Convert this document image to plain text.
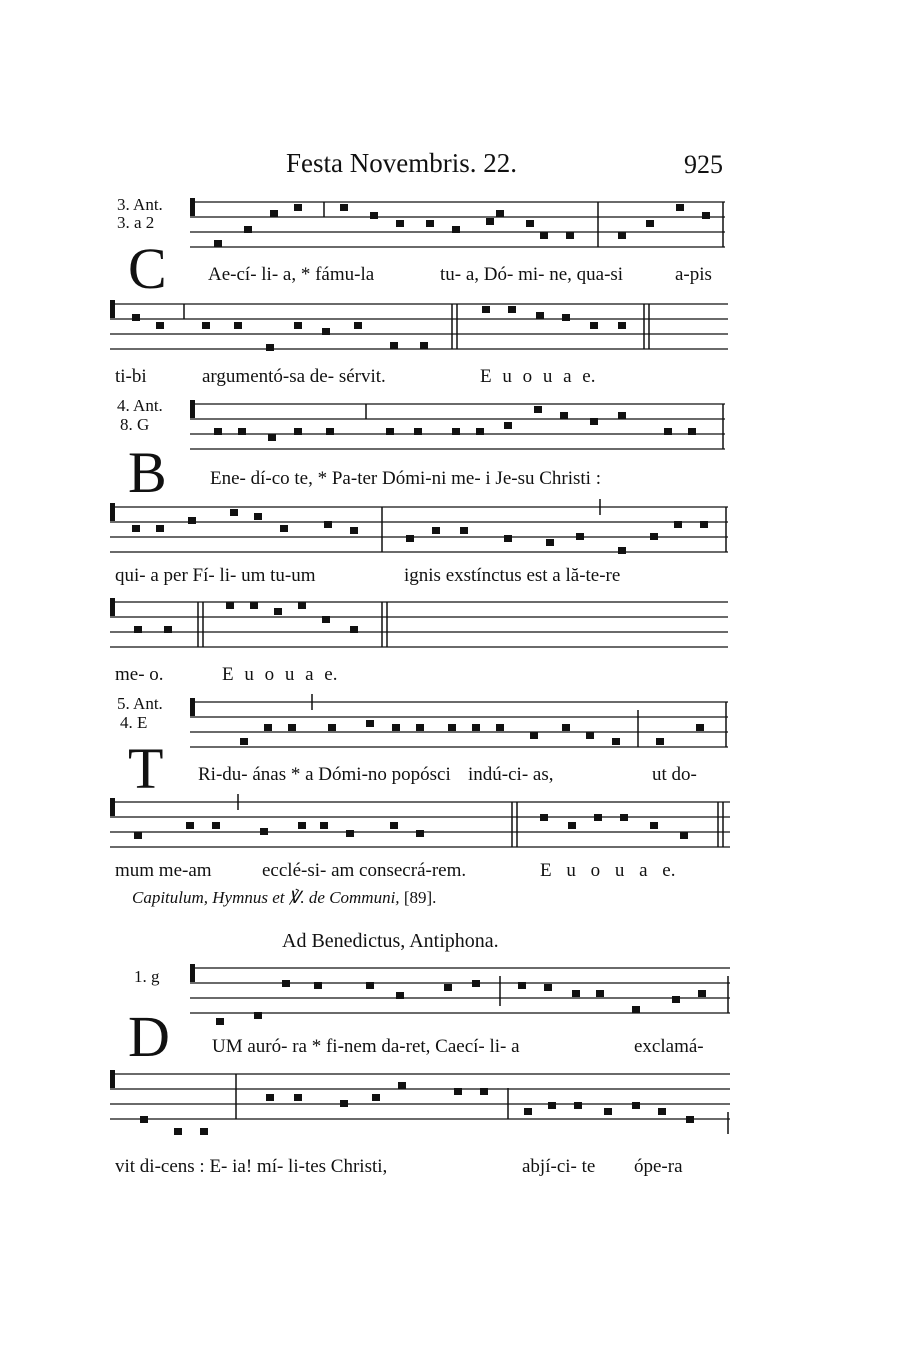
Festa Novembris. 22.	925
3. Ant.
3. a 2
C Ae-cí- li- a, * fámu-la	tu- a, Dó- mi- ne, qua-si	a-pis
ti-bi	argumentó-sa de- sérvit.	E u o u a e.
4. Ant.
8. G
B Ene- dí-co te, * Pa-ter Dómi-ni me- i Je-su Christi :
qui- a per Fí- li- um tu-um	ignis exstínctus est a lă-te-re
me- o.	E u o u a e.
5. Ant.
4. E
T Ri-du- ánas * a Dómi-no popósci indú-ci- as,	ut do-
mum me-am	ecclé-si- am consecrá-rem.	E u o u a e.
Capitulum, Hymnus et ℣. de Communi, [89].
Ad Benedictus, Antiphona.
1. g
D UM auró- ra * fi-nem da-ret, Caecí- li- a	exclamá-
vit di-cens : E- ia! mí- li-tes Christi,	abjí-ci- te ópe-ra
